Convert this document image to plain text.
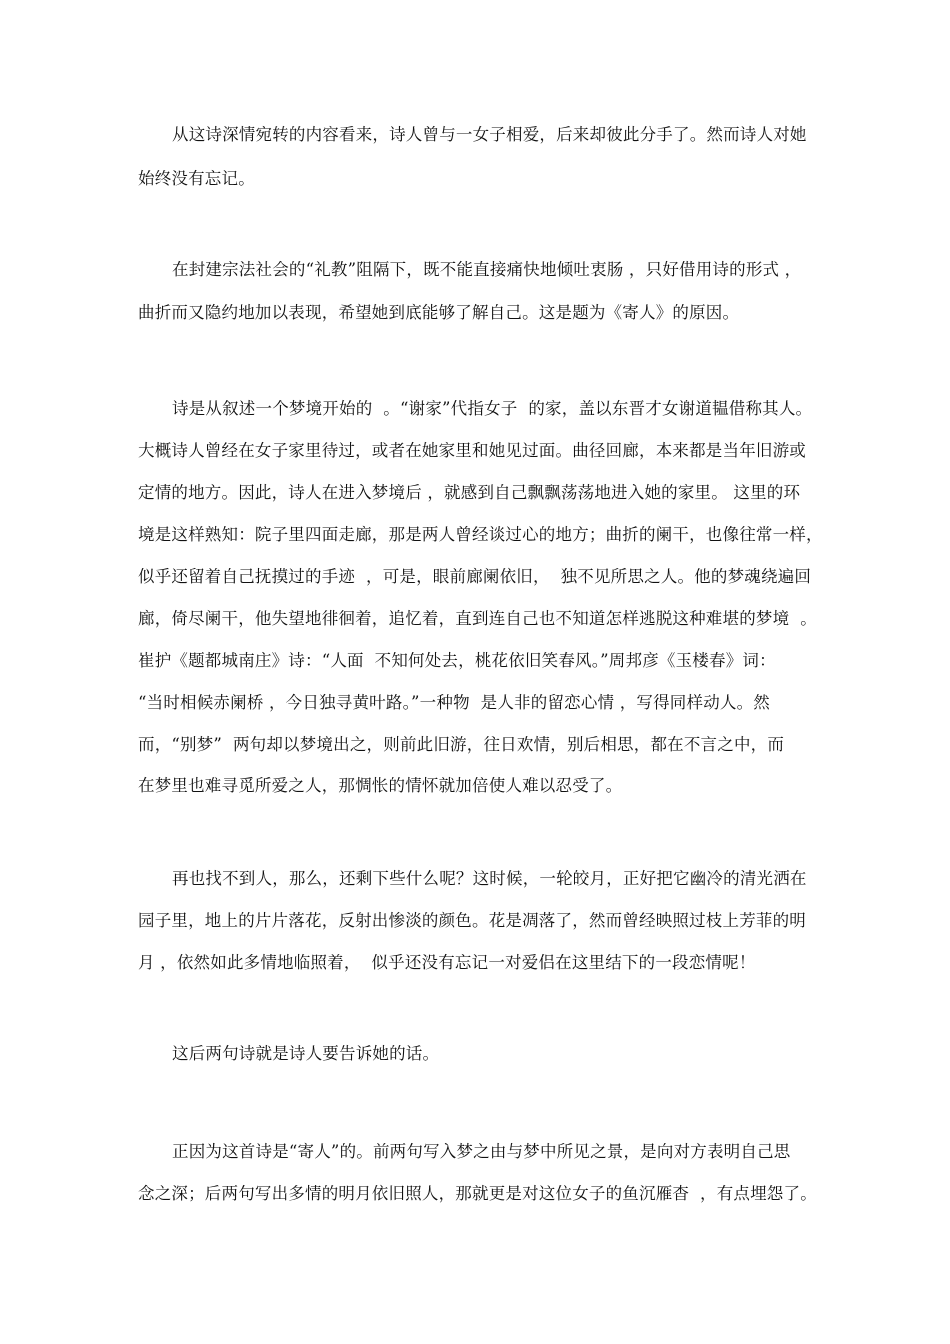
从这诗深情宛转的内容看来，诗人曾与一女子相爱，后来却彼此分手了。然而诗人对她
始终没有忘记。
在封建宗法社会的“礼教”阻隔下，既不能直接痛快地倾吐衷肠 ，只好借用诗的形式 ，
曲折而又隐约地加以表现，希望她到底能够了解自己。这是题为《寄人》的原因。
诗是从叙述一个梦境开始的  。“谢家”代指女子  的家，盖以东晋才女谢道韫借称其人。
大概诗人曾经在女子家里待过，或者在她家里和她见过面。曲径回廊，本来都是当年旧游或
定情的地方。因此，诗人在进入梦境后 ，就感到自己飘飘荡荡地进入她的家里。 这里的环
境是这样熟知：院子里四面走廊，那是两人曾经谈过心的地方；曲折的阑干，也像往常一样，
似乎还留着自己抚摸过的手迹  ，可是，眼前廊阑依旧，  独不见所思之人。他的梦魂绕遍回
廊，倚尽阑干，他失望地徘徊着，追忆着，直到连自己也不知道怎样逃脱这种难堪的梦境  。
崔护《题都城南庄》诗：“人面  不知何处去，桃花依旧笑春风。”周邦彦《玉楼春》词：
“当时相候赤阑桥 ，今日独寻黄叶路。”一种物  是人非的留恋心情 ，写得同样动人。然
而，“别梦”  两句却以梦境出之，则前此旧游，往日欢情，别后相思，都在不言之中，而
在梦里也难寻觅所爱之人，那惆怅的情怀就加倍使人难以忍受了。
再也找不到人，那么，还剩下些什么呢？这时候，一轮皎月，正好把它幽冷的清光洒在
园子里，地上的片片落花，反射出惨淡的颜色。花是凋落了，然而曾经映照过枝上芳菲的明
月 ，依然如此多情地临照着，  似乎还没有忘记一对爱侣在这里结下的一段恋情呢！
这后两句诗就是诗人要告诉她的话。
正因为这首诗是“寄人”的。前两句写入梦之由与梦中所见之景，是向对方表明自己思
念之深；后两句写出多情的明月依旧照人，那就更是对这位女子的鱼沉雁杳  ，有点埋怨了。
